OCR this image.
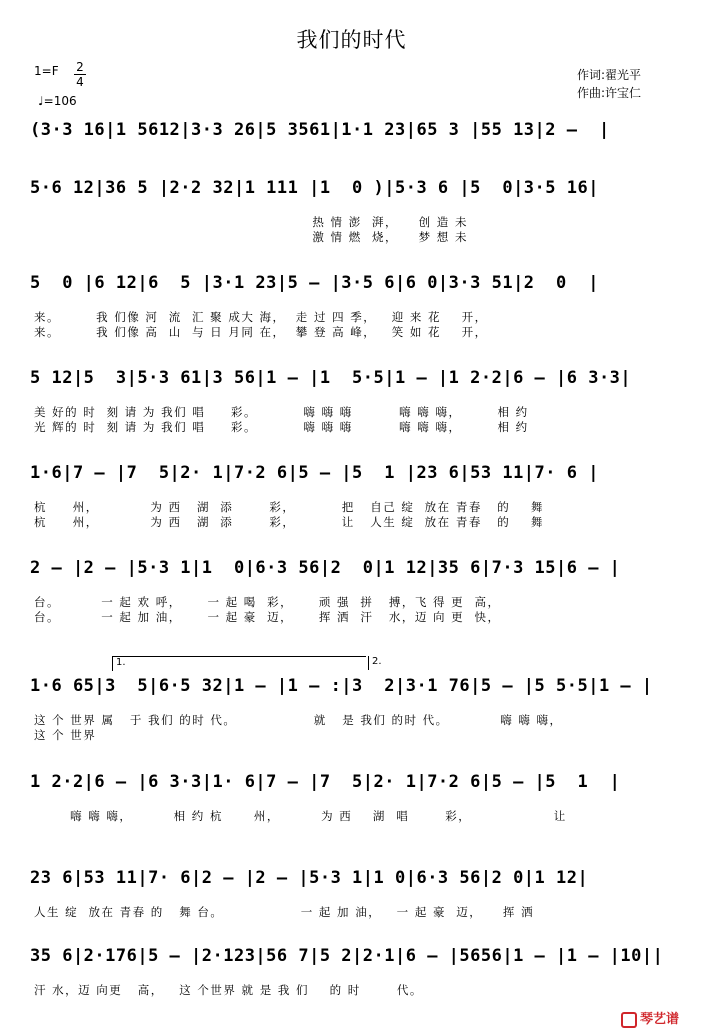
我们的时代
1=F 2
4
♩=106
作词:翟光平
作曲:许宝仁
(3·3 16|1 5612|3·3 26|5 3561|1·1 23|65 3 |55 13|2 –  |
5·6 12|36 5 |2·2 32|1 111 |1  0 )|5·3 6 |5  0|3·5 16|
热 情 澎  湃，    创 造 未
激 情 燃  烧，    梦 想 未
5  0 |6 12|6  5 |3·1 23|5 – |3·5 6|6 0|3·3 51|2  0  |
来。       我 们像 河  流  汇 聚 成大 海，  走 过 四 季，   迎 来 花    开，
来。       我 们像 高  山  与 日 月同 在，  攀 登 高 峰，   笑 如 花    开，
5 12|5  3|5·3 61|3 56|1 – |1  5·5|1 – |1 2·2|6 – |6 3·3|
美 好的 时  刻 请 为 我们 唱     彩。         嗨 嗨 嗨         嗨 嗨 嗨，       相 约
光 辉的 时  刻 请 为 我们 唱     彩。         嗨 嗨 嗨         嗨 嗨 嗨，       相 约
1·6|7 – |7  5|2· 1|7·2 6|5 – |5  1 |23 6|53 11|7· 6 |
杭     州，          为 西   湖  添       彩，         把   自己 绽  放在 青春   的    舞
杭     州，          为 西   湖  添       彩，         让   人生 绽  放在 青春   的    舞
2 – |2 – |5·3 1|1  0|6·3 56|2  0|1 12|35 6|7·3 15|6 – |
台。        一 起 欢 呼，     一 起 喝  彩，     顽 强  拼   搏，飞 得 更  高，
台。        一 起 加 油，     一 起 豪  迈，     挥 洒  汗   水，迈 向 更  快，
1·6 65|3  5|6·5 32|1 – |1 – :|3  2|3·1 76|5 – |5 5·5|1 – |
1.	2.
这 个 世界 属   于 我们 的时 代。               就   是 我们 的时 代。          嗨 嗨 嗨，
这 个 世界
1 2·2|6 – |6 3·3|1· 6|7 – |7  5|2· 1|7·2 6|5 – |5  1  |
嗨 嗨 嗨，        相 约 杭      州，        为 西    湖  唱       彩，                让
23 6|53 11|7· 6|2 – |2 – |5·3 1|1 0|6·3 56|2 0|1 12|
人生 绽  放在 青春 的   舞 台。               一 起 加 油，   一 起 豪  迈，    挥 洒
35 6|2·176|5 – |2·123|56 7|5 2|2·1|6 – |5656|1 – |1 – |10||
汗 水，迈 向更   高，   这 个世界 就 是 我 们    的 时       代。
琴艺谱
